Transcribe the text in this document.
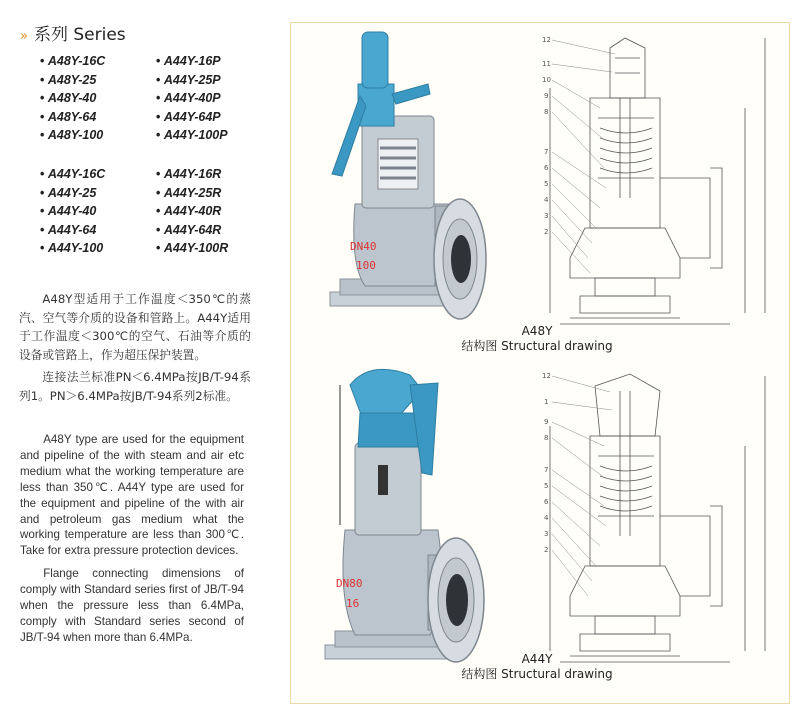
» 系列 Series
• A48Y-16C
• A48Y-25
• A48Y-40
• A48Y-64
• A48Y-100
• A44Y-16P
• A44Y-25P
• A44Y-40P
• A44Y-64P
• A44Y-100P
• A44Y-16C
• A44Y-25
• A44Y-40
• A44Y-64
• A44Y-100
• A44Y-16R
• A44Y-25R
• A44Y-40R
• A44Y-64R
• A44Y-100R

A48Y型适用于工作温度＜350℃的蒸汽、空气等介质的设备和管路上。A44Y适用于工作温度＜300℃的空气、石油等介质的设备或管路上，作为超压保护装置。

连接法兰标准PN＜6.4MPa按JB/T-94系列1。PN＞6.4MPa按JB/T-94系列2标准。

A48Y type are used for the equipment and pipeline of the with steam and air etc medium what the working temperature are less than 350℃. A44Y type are used for the equipment and pipeline of the with air and petroleum gas medium what the working temperature are less than 300℃. Take for extra pressure protection devices.

Flange connecting dimensions of comply with Standard series first of JB/T-94 when the pressure less than 6.4MPa, comply with Standard series second of JB/T-94 when more than 6.4MPa.

DN40
100
DN80
16
12
11
10
9
8
7
6
5
4
3
2
12
1
9
8
7
5
6
4
3
2
A48Y
结构图 Structural drawing
A44Y
结构图 Structural drawing
